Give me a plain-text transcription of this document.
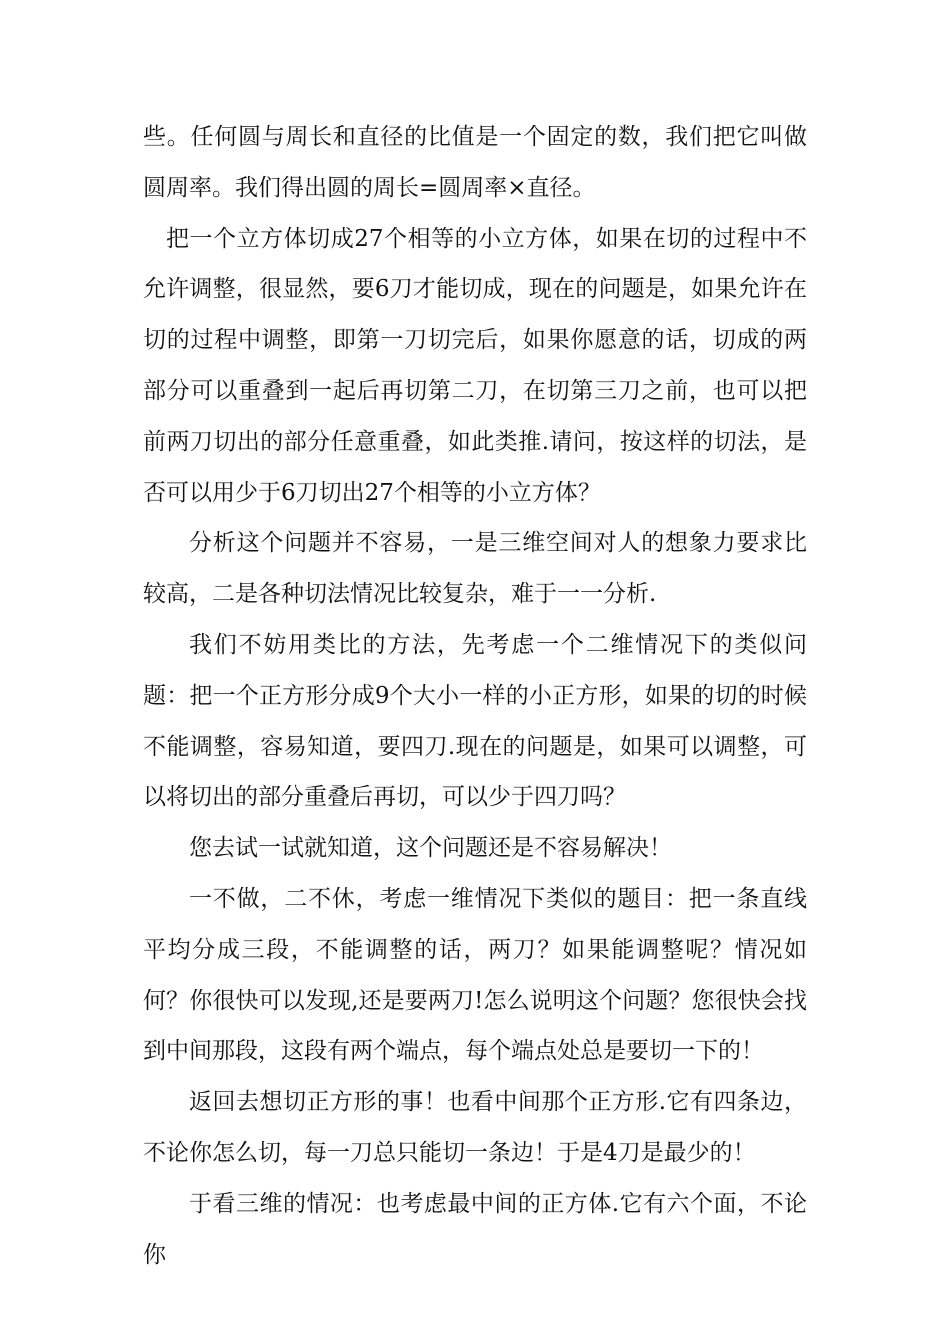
些。任何圆与周长和直径的比值是一个固定的数，我们把它叫做圆周率。我们得出圆的周长=圆周率×直径。

把一个立方体切成27个相等的小立方体，如果在切的过程中不允许调整，很显然，要6刀才能切成，现在的问题是，如果允许在切的过程中调整，即第一刀切完后，如果你愿意的话，切成的两部分可以重叠到一起后再切第二刀，在切第三刀之前，也可以把前两刀切出的部分任意重叠，如此类推.请问，按这样的切法，是否可以用少于6刀切出27个相等的小立方体？

分析这个问题并不容易，一是三维空间对人的想象力要求比较高，二是各种切法情况比较复杂，难于一一分析.

我们不妨用类比的方法，先考虑一个二维情况下的类似问题：把一个正方形分成9个大小一样的小正方形，如果的切的时候不能调整，容易知道，要四刀.现在的问题是，如果可以调整，可以将切出的部分重叠后再切，可以少于四刀吗？

您去试一试就知道，这个问题还是不容易解决！

一不做，二不休，考虑一维情况下类似的题目：把一条直线平均分成三段，不能调整的话，两刀？如果能调整呢？情况如何？你很快可以发现,还是要两刀!怎么说明这个问题？您很快会找到中间那段，这段有两个端点，每个端点处总是要切一下的！

返回去想切正方形的事！也看中间那个正方形.它有四条边，不论你怎么切，每一刀总只能切一条边！于是4刀是最少的！

于看三维的情况：也考虑最中间的正方体.它有六个面，不论你
